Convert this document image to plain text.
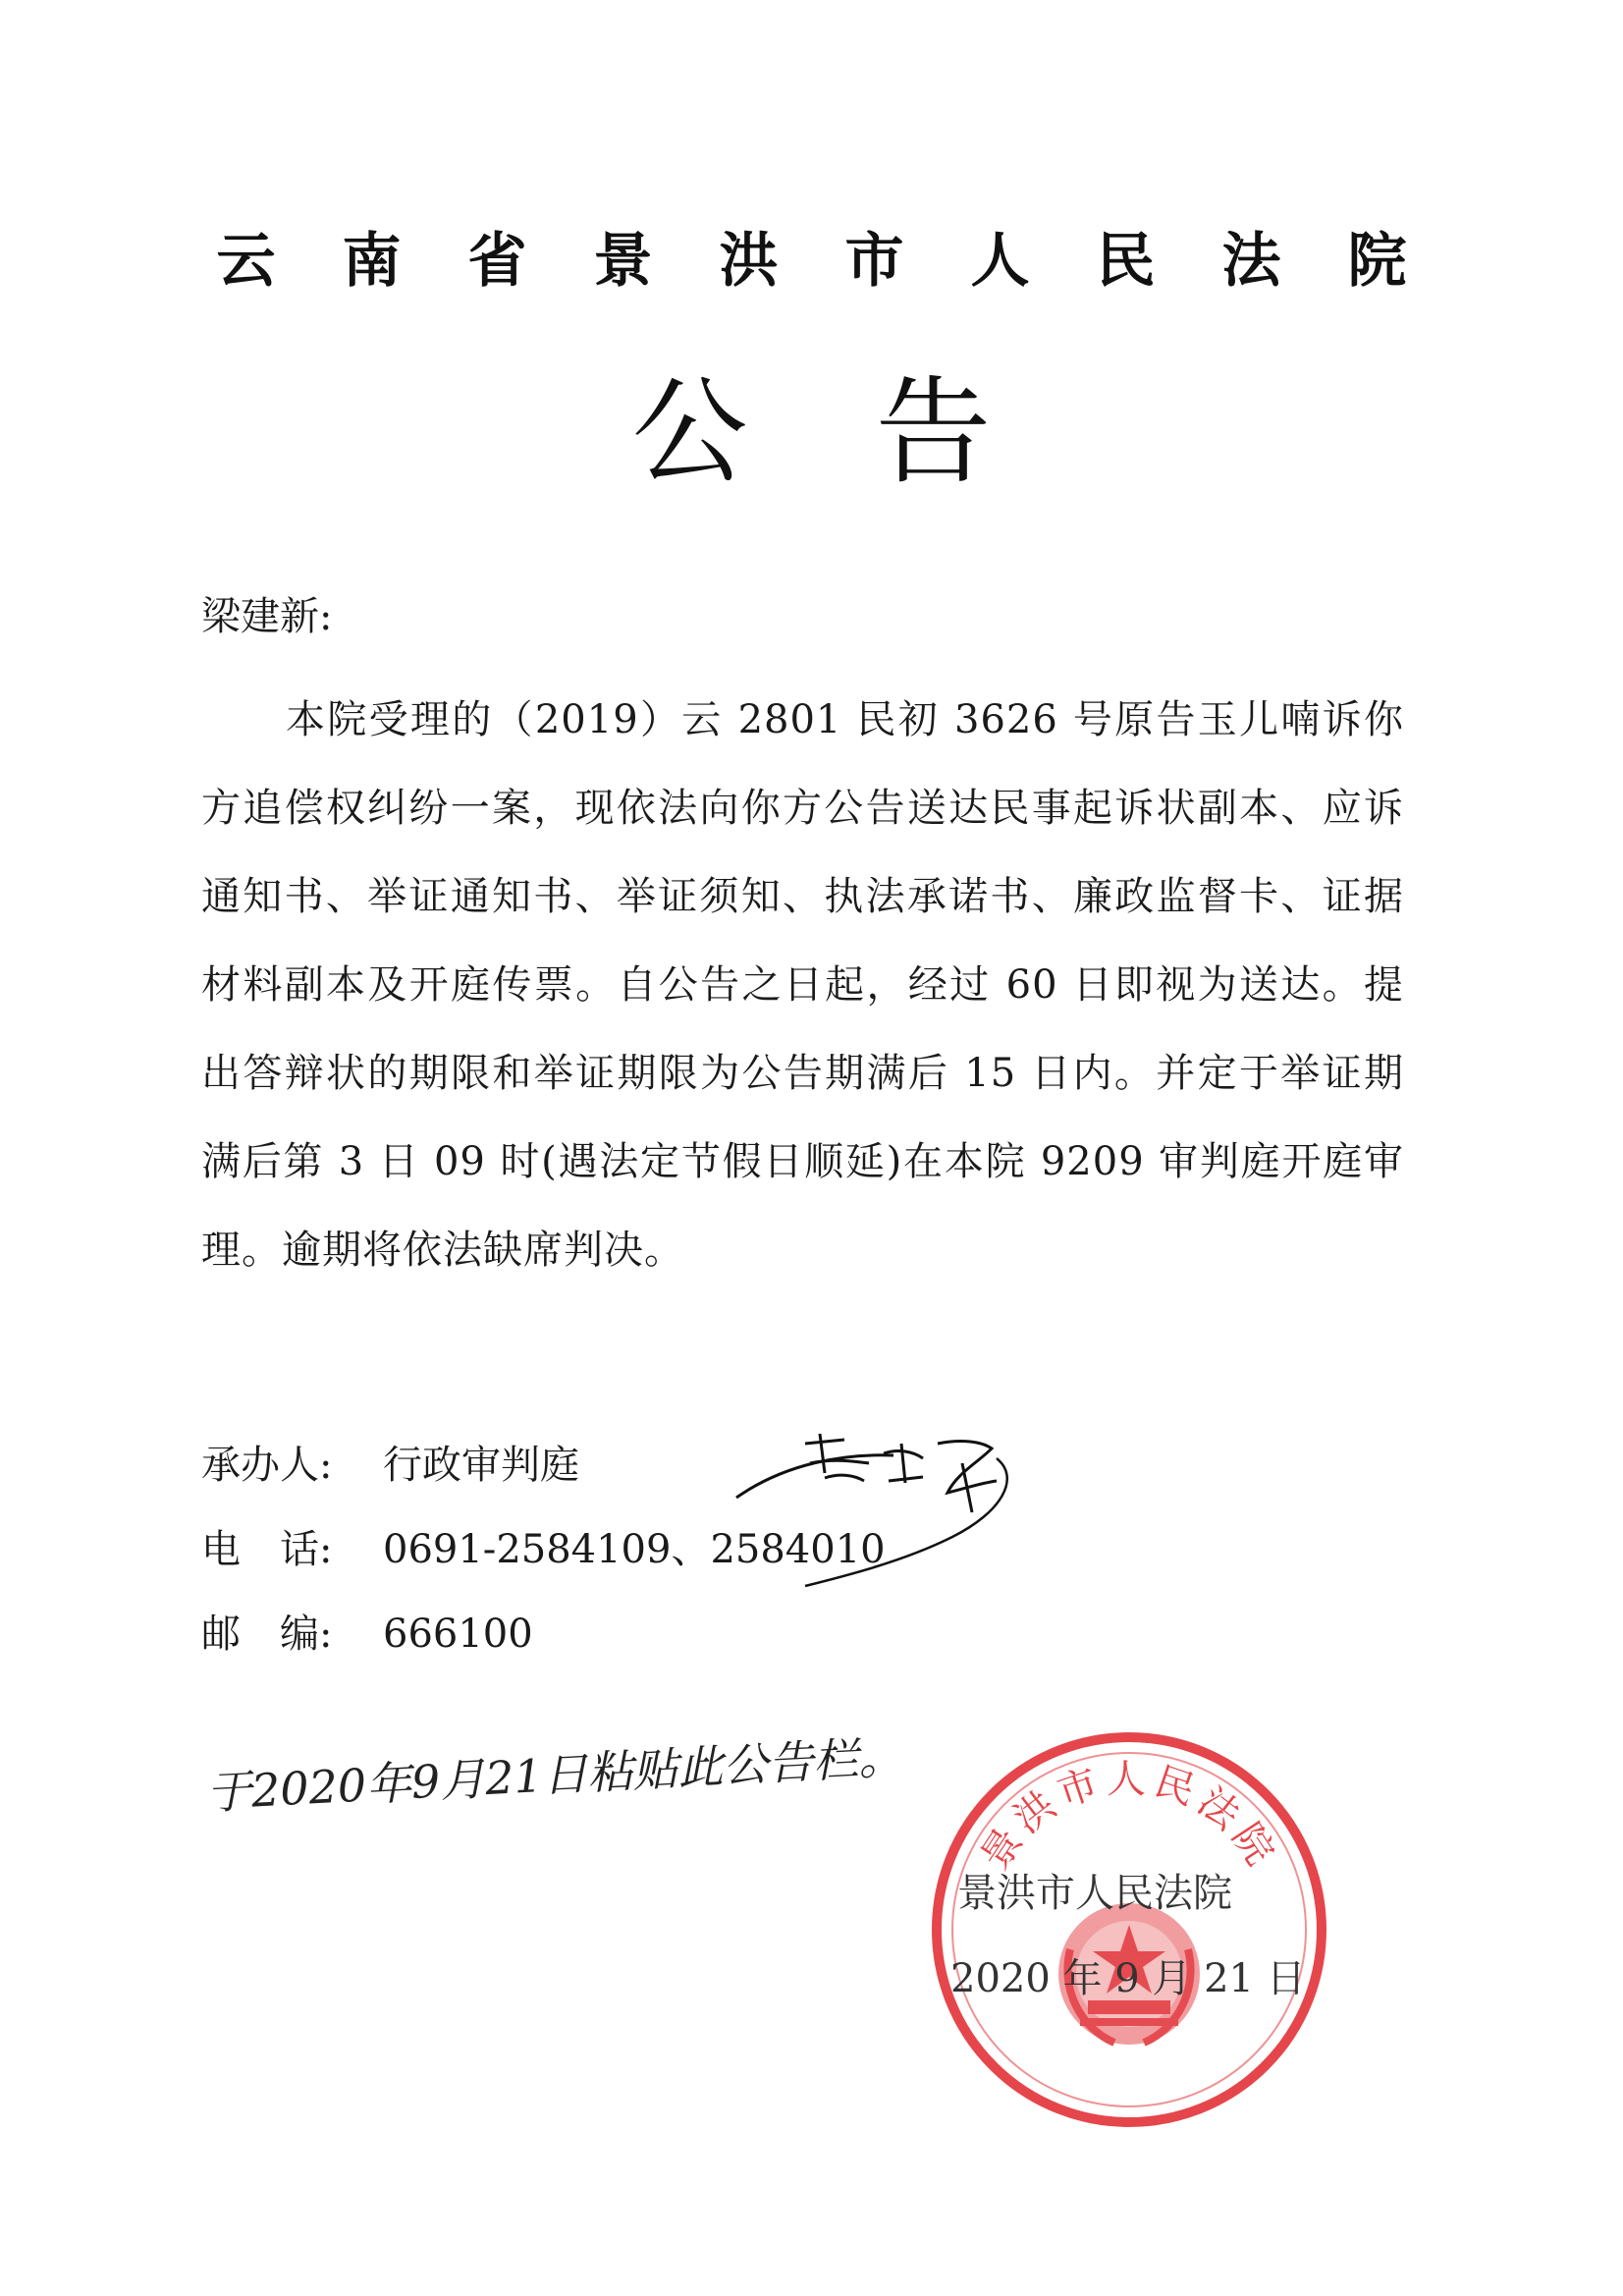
云南省景洪市人民法院
公告
梁建新:
本院受理的（2019）云 2801 民初 3626 号原告玉儿喃诉你方追偿权纠纷一案，现依法向你方公告送达民事起诉状副本、应诉通知书、举证通知书、举证须知、执法承诺书、廉政监督卡、证据材料副本及开庭传票。自公告之日起，经过 60 日即视为送达。提出答辩状的期限和举证期限为公告期满后 15 日内。并定于举证期满后第 3 日 09 时(遇法定节假日顺延)在本院 9209 审判庭开庭审理。逾期将依法缺席判决。
承办人: 行政审判庭
电　话: 0691-2584109、2584010
邮　编: 666100
于2020年9月21日粘贴此公告栏。
景洪市人民法院
景洪市人民法院
2020 年 9 月 21 日
